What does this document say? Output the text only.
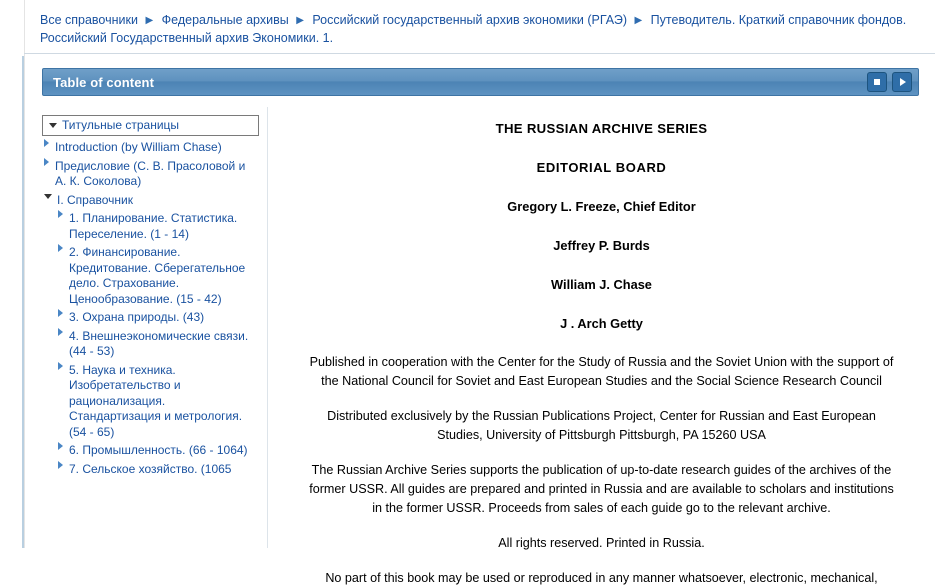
Все справочники ▶ Федеральные архивы ▶ Российский государственный архив экономики (РГАЭ) ▶ Путеводитель. Краткий справочник фондов. Российский Государственный архив Экономики. 1.
Table of content
Титульные страницы
Introduction (by William Chase)
Предисловие (С. В. Прасоловой и А. К. Соколова)
I. Справочник
1. Планирование. Статистика. Переселение. (1 - 14)
2. Финансирование. Кредитование. Сберегательное дело. Страхование. Ценообразование. (15 - 42)
3. Охрана природы. (43)
4. Внешнеэкономические связи. (44 - 53)
5. Наука и техника. Изобретательство и рационализация. Стандартизация и метрология. (54 - 65)
6. Промышленность. (66 - 1064)
7. Сельское хозяйство. (1065
THE RUSSIAN ARCHIVE SERIES
EDITORIAL BOARD
Gregory L. Freeze, Chief Editor
Jeffrey P. Burds
William J. Chase
J . Arch Getty
Published in cooperation with the Center for the Study of Russia and the Soviet Union with the support of the National Council for Soviet and East European Studies and the Social Science Research Council
Distributed exclusively by the Russian Publications Project, Center for Russian and East European Studies, University of Pittsburgh Pittsburgh, PA 15260 USA
The Russian Archive Series supports the publication of up-to-date research guides of the archives of the former USSR. All guides are prepared and printed in Russia and are available to scholars and institutions in the former USSR. Proceeds from sales of each guide go to the relevant archive.
All rights reserved. Printed in Russia.
No part of this book may be used or reproduced in any manner whatsoever, electronic, mechanical,
